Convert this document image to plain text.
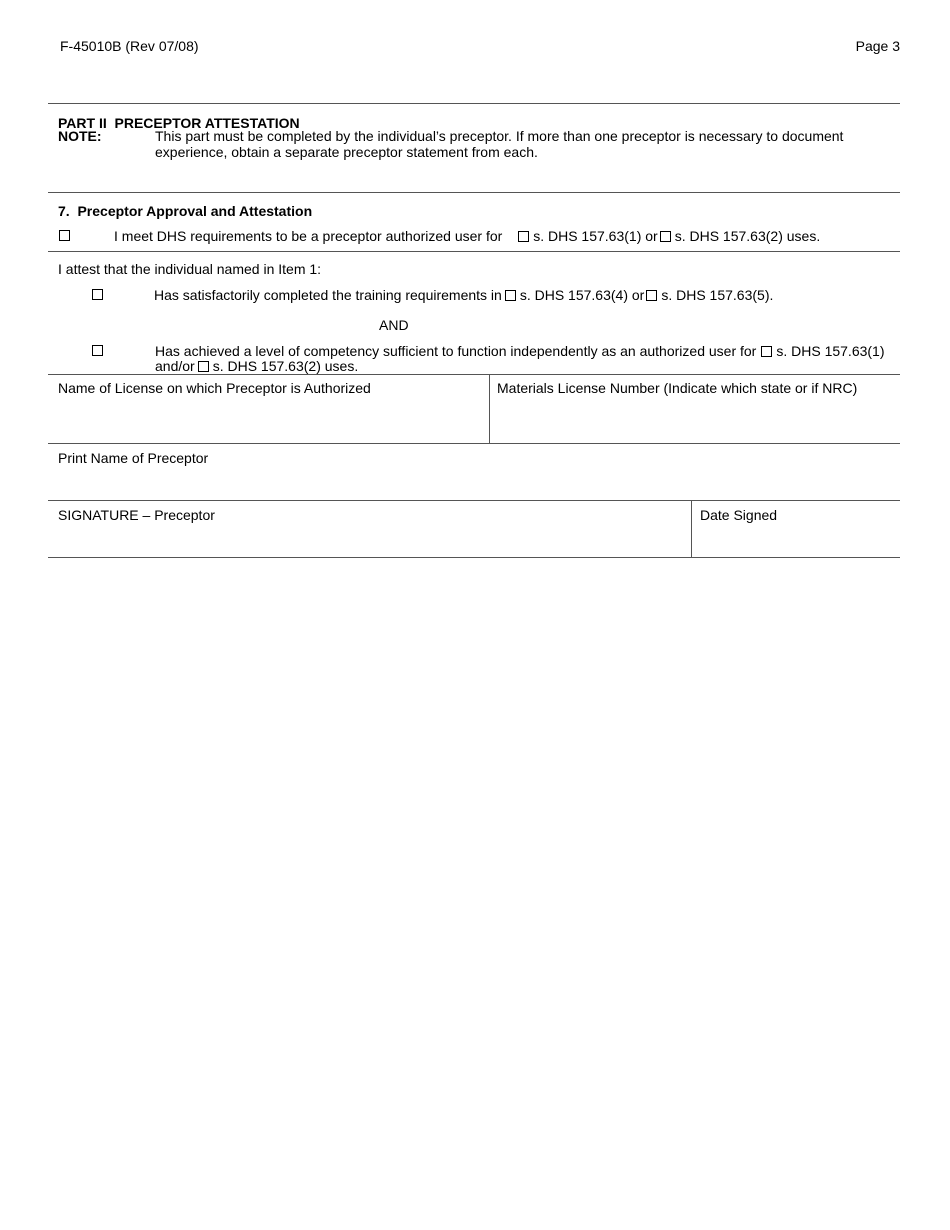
F-45010B (Rev 07/08)	Page 3
PART II  PRECEPTOR ATTESTATION
NOTE:	This part must be completed by the individual’s preceptor. If more than one preceptor is necessary to document
experience, obtain a separate preceptor statement from each.
7.  Preceptor Approval and Attestation
I meet DHS requirements to be a preceptor authorized user for s. DHS 157.63(1) or s. DHS 157.63(2) uses.
I attest that the individual named in Item 1:
Has satisfactorily completed the training requirements in s. DHS 157.63(4) or s. DHS 157.63(5).
AND
Has achieved a level of competency sufficient to function independently as an authorized user for s. DHS 157.63(1)
and/or s. DHS 157.63(2) uses.
Name of License on which Preceptor is Authorized	Materials License Number (Indicate which state or if NRC)
Print Name of Preceptor
SIGNATURE – Preceptor	Date Signed
